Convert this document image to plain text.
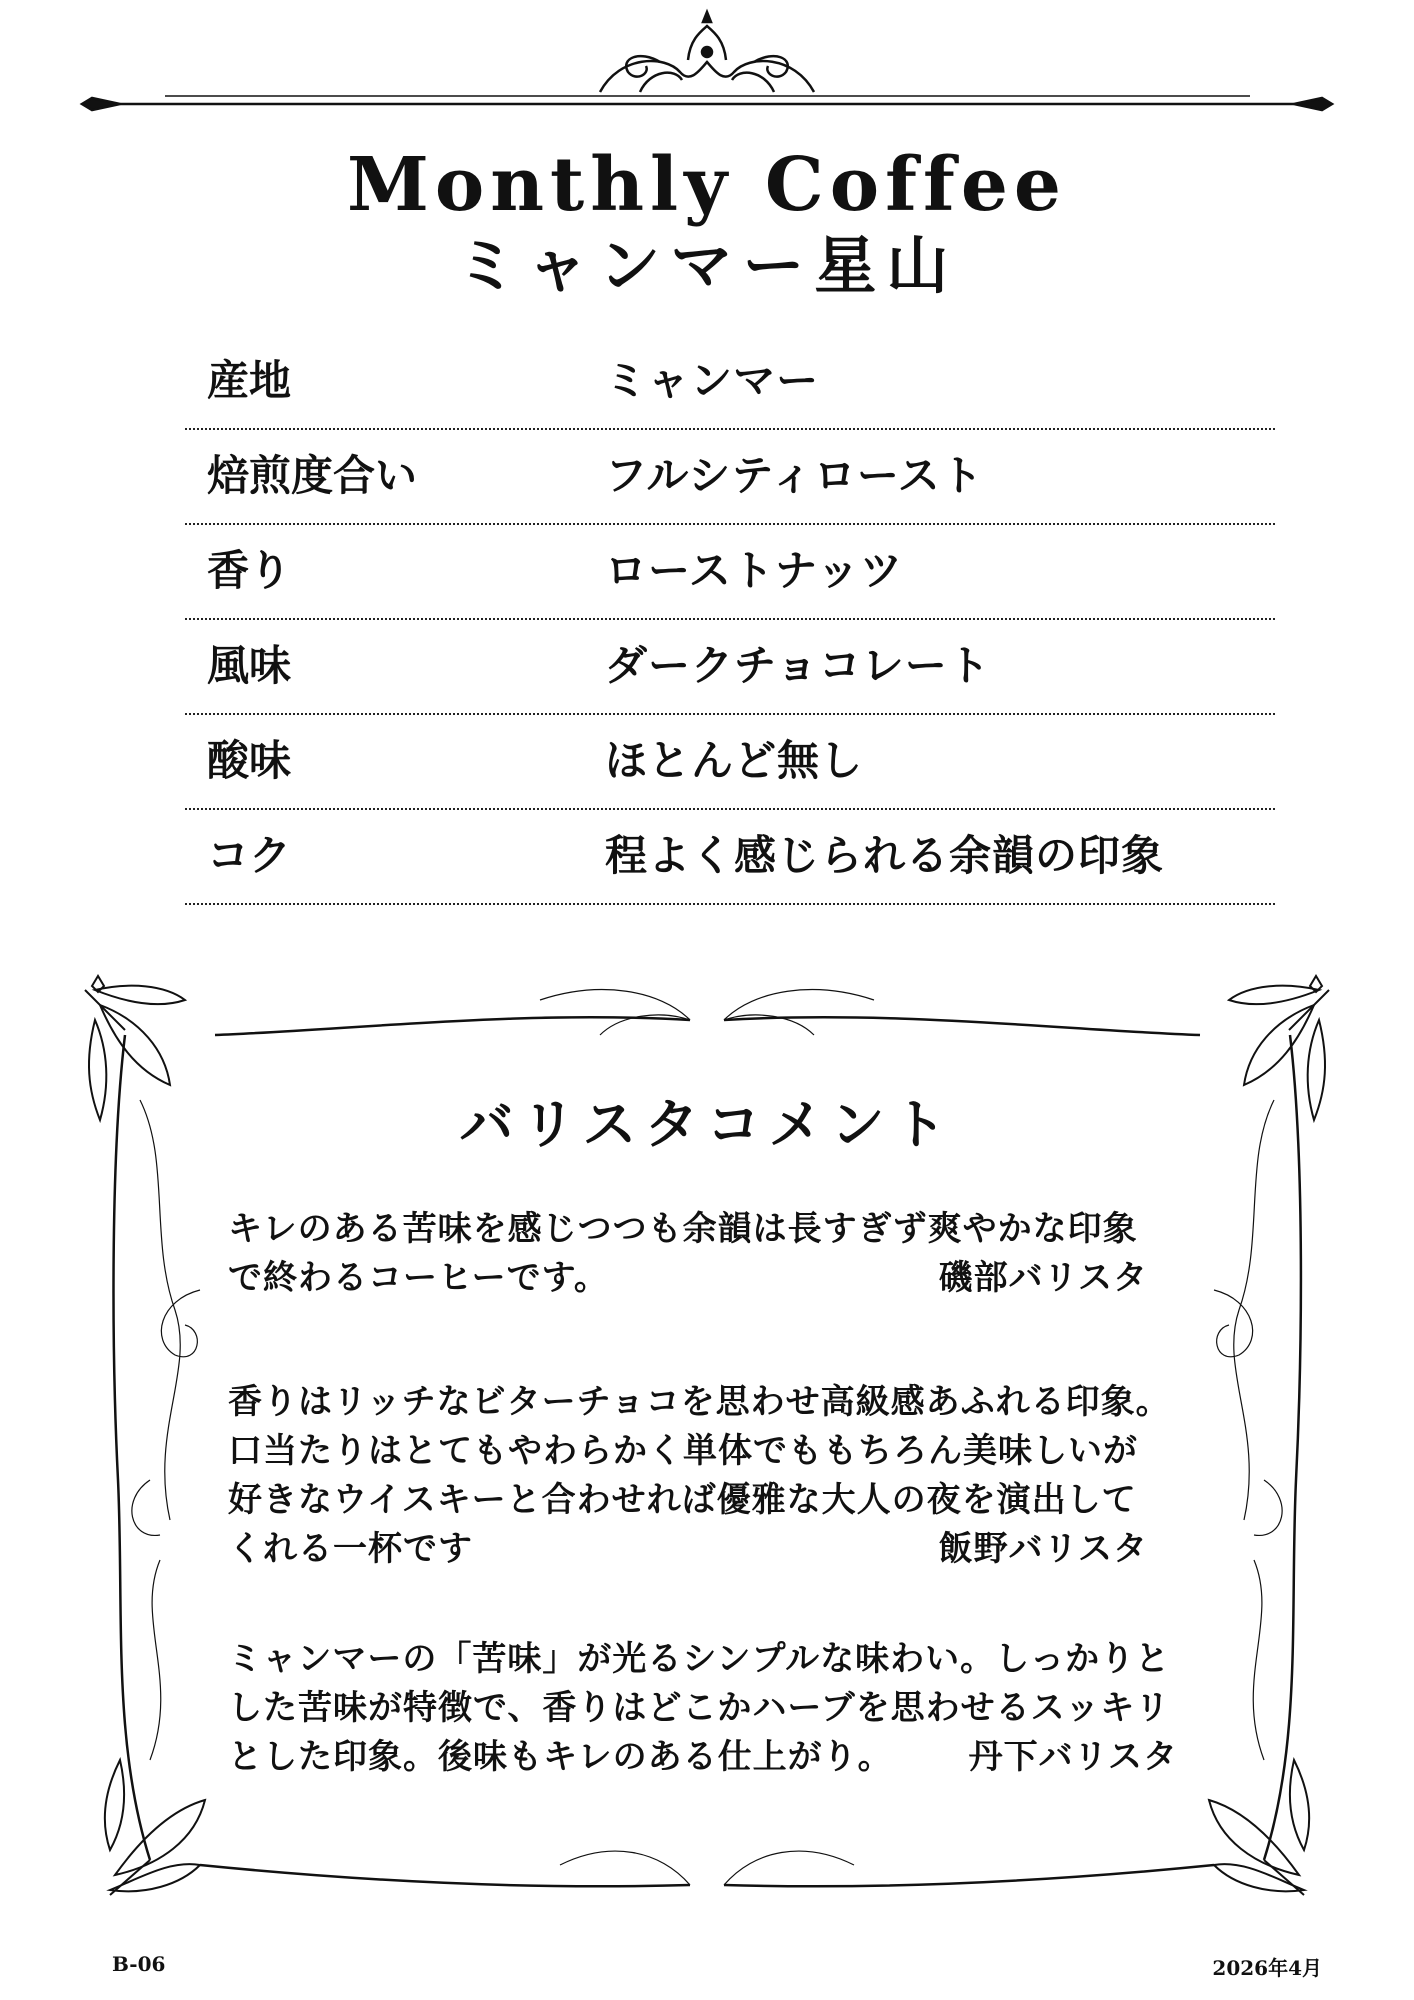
Monthly Coffee
ミャンマー星山
産地	ミャンマー
焙煎度合い	フルシティロースト
香り	ローストナッツ
風味	ダークチョコレート
酸味	ほとんど無し
コク	程よく感じられる余韻の印象
バリスタコメント
キレのある苦味を感じつつも余韻は長すぎず爽やかな印象
で終わるコーヒーです。	磯部バリスタ
香りはリッチなビターチョコを思わせ高級感あふれる印象。
口当たりはとてもやわらかく単体でももちろん美味しいが
好きなウイスキーと合わせれば優雅な大人の夜を演出して
くれる一杯です	飯野バリスタ
ミャンマーの「苦味」が光るシンプルな味わい。しっかりと
した苦味が特徴で、香りはどこかハーブを思わせるスッキリ
とした印象。後味もキレのある仕上がり。 丹下バリスタ
B-06	2026年4月
